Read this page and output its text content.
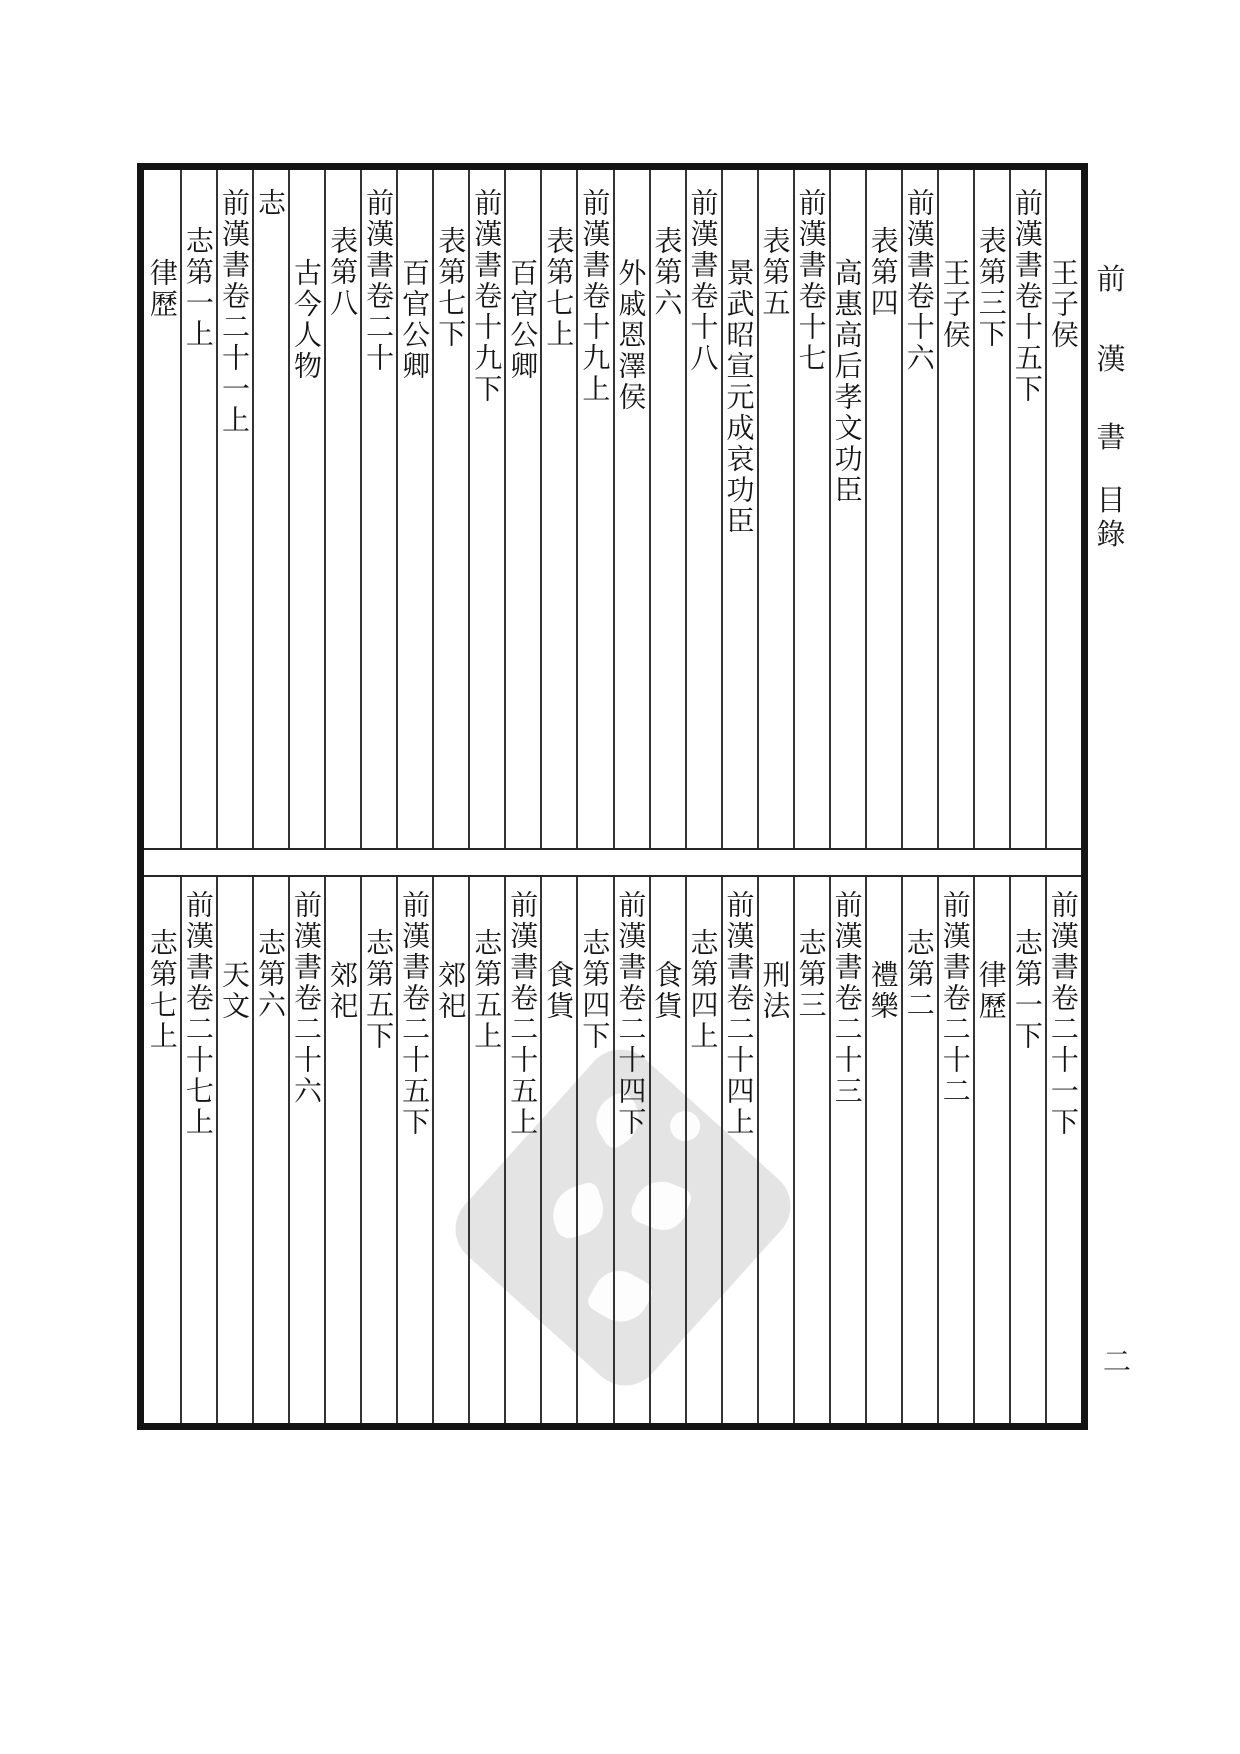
王子侯
前漢書卷十五下
表第三下
王子侯
前漢書卷十六
表第四
高惠高后孝文功臣
前漢書卷十七
表第五
景武昭宣元成哀功臣
前漢書卷十八
表第六
外戚恩澤侯
前漢書卷十九上
表第七上
百官公卿
前漢書卷十九下
表第七下
百官公卿
前漢書卷二十
表第八
古今人物
志
前漢書卷二十一上
志第一上
律歷
前漢書卷二十一下
志第一下
律歷
前漢書卷二十二
志第二
禮樂
前漢書卷二十三
志第三
刑法
前漢書卷二十四上
志第四上
食貨
前漢書卷二十四下
志第四下
食貨
前漢書卷二十五上
志第五上
郊祀
前漢書卷二十五下
志第五下
郊祀
前漢書卷二十六
志第六
天文
前漢書卷二十七上
志第七上
前
漢
書
目
錄
二
